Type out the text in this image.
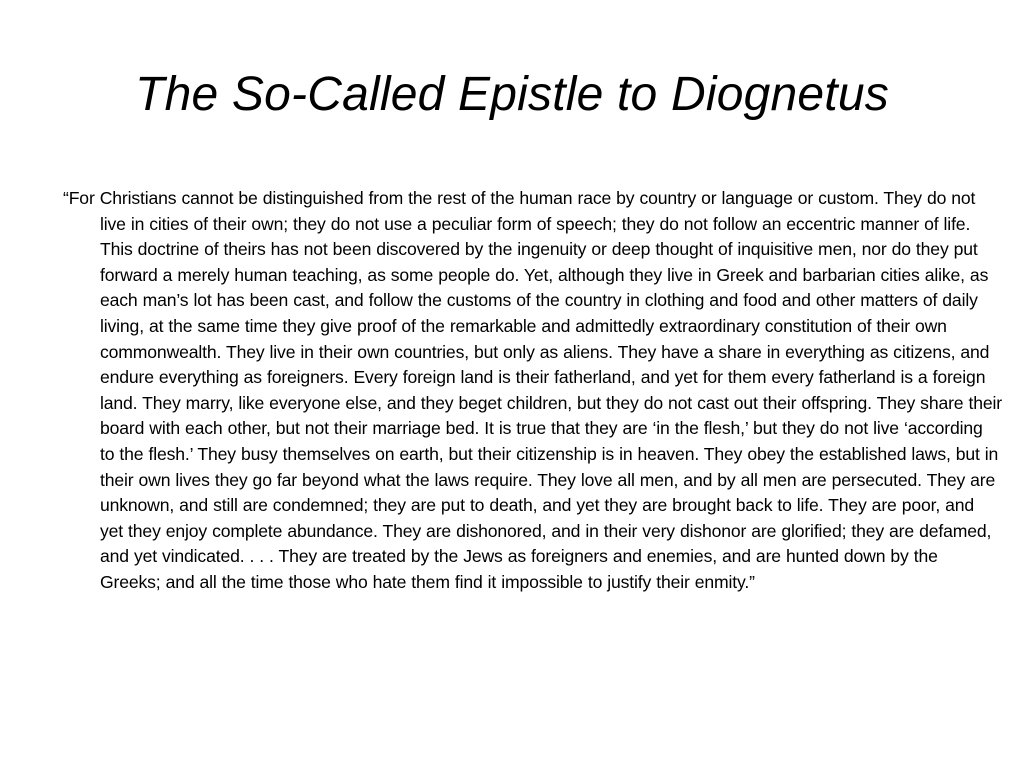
The So-Called Epistle to Diognetus

“For Christians cannot be distinguished from the rest of the human race by country or language or custom. They do not live in cities of their own; they do not use a peculiar form of speech; they do not follow an eccentric manner of life. This doctrine of theirs has not been discovered by the ingenuity or deep thought of inquisitive men, nor do they put forward a merely human teaching, as some people do. Yet, although they live in Greek and barbarian cities alike, as each man’s lot has been cast, and follow the customs of the country in clothing and food and other matters of daily living, at the same time they give proof of the remarkable and admittedly extraordinary constitution of their own commonwealth. They live in their own countries, but only as aliens. They have a share in everything as citizens, and endure everything as foreigners. Every foreign land is their fatherland, and yet for them every fatherland is a foreign land. They marry, like everyone else, and they beget children, but they do not cast out their offspring. They share their board with each other, but not their marriage bed. It is true that they are ‘in the flesh,’ but they do not live ‘according to the flesh.’ They busy themselves on earth, but their citizenship is in heaven. They obey the established laws, but in their own lives they go far beyond what the laws require. They love all men, and by all men are persecuted. They are unknown, and still are condemned; they are put to death, and yet they are brought back to life. They are poor, and yet they enjoy complete abundance. They are dishonored, and in their very dishonor are glorified; they are defamed, and yet vindicated. . . . They are treated by the Jews as foreigners and enemies, and are hunted down by the Greeks; and all the time those who hate them find it impossible to justify their enmity.”
